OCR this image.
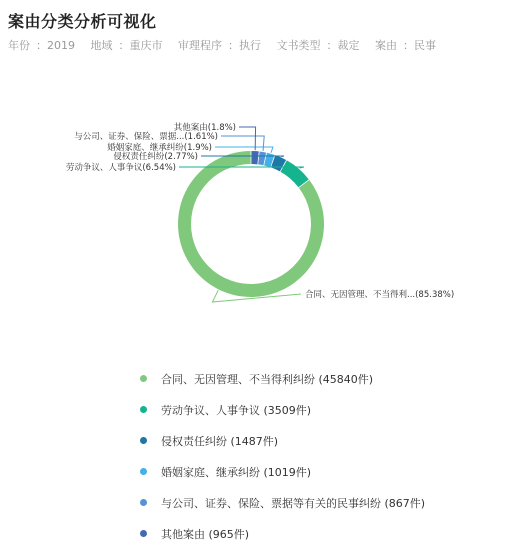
案由分类分析可视化
年份 ：2019 地域 ：重庆市 审理程序 ：执行 文书类型 ：裁定 案由 ：民事
合同、无因管理、不当得利...(85.38%)
劳动争议、人事争议(6.54%)
侵权责任纠纷(2.77%)
婚姻家庭、继承纠纷(1.9%)
与公司、证券、保险、票据...(1.61%)
其他案由(1.8%)
合同、无因管理、不当得利纠纷 (45840件)
劳动争议、人事争议 (3509件)
侵权责任纠纷 (1487件)
婚姻家庭、继承纠纷 (1019件)
与公司、证券、保险、票据等有关的民事纠纷 (867件)
其他案由 (965件)
